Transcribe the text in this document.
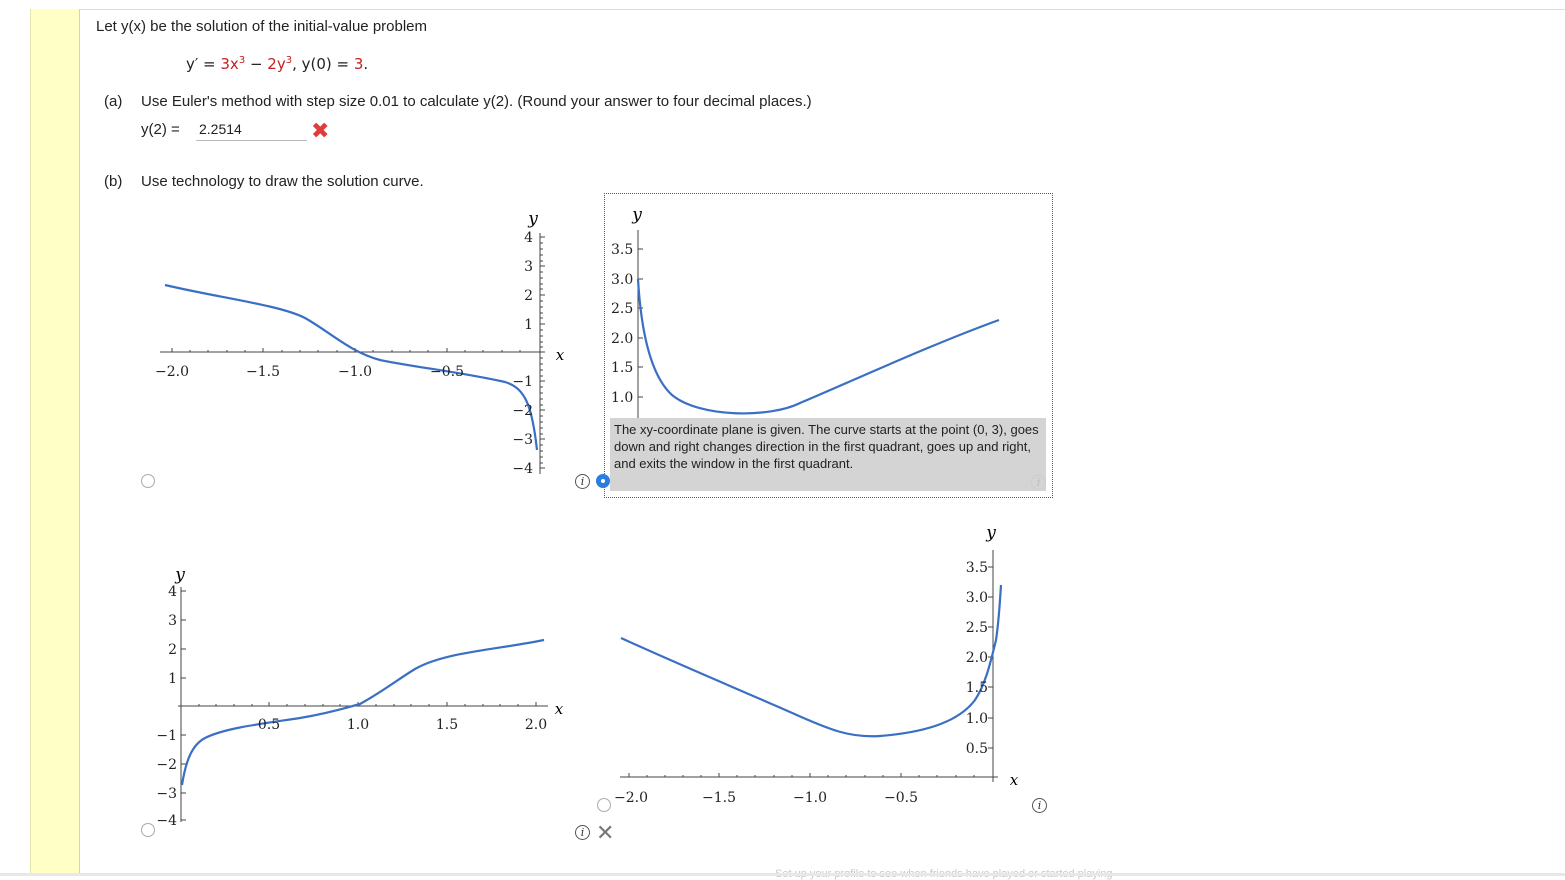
Let y(x) be the solution of the initial-value problem
$y' = 3x^3 - 2y^3$, y(0) = 3.
(a) Use Euler's method with step size 0.01 to calculate y(2). (Round your answer to four decimal places.)
y(2) =
2.2514	✖
(b) Use technology to draw the solution curve.
y
x
−2.0	−1.5	−1.0	−0.5
4
3
2
1
−1
−2
−3
−4
y
3.5
3.0
2.5
2.0
1.5
1.0
The xy-coordinate plane is given. The curve starts at the point (0, 3), goes down and right changes direction in the first quadrant, goes up and right, and exits the window in the first quadrant.
i	i
y
x
0.5	1.0	1.5	2.0
4
3
2
1
−1
−2
−3
−4
y
x
−2.0	−1.5	−1.0	−0.5
3.5
3.0
2.5
2.0
1.5
1.0
0.5
i
i ✕
